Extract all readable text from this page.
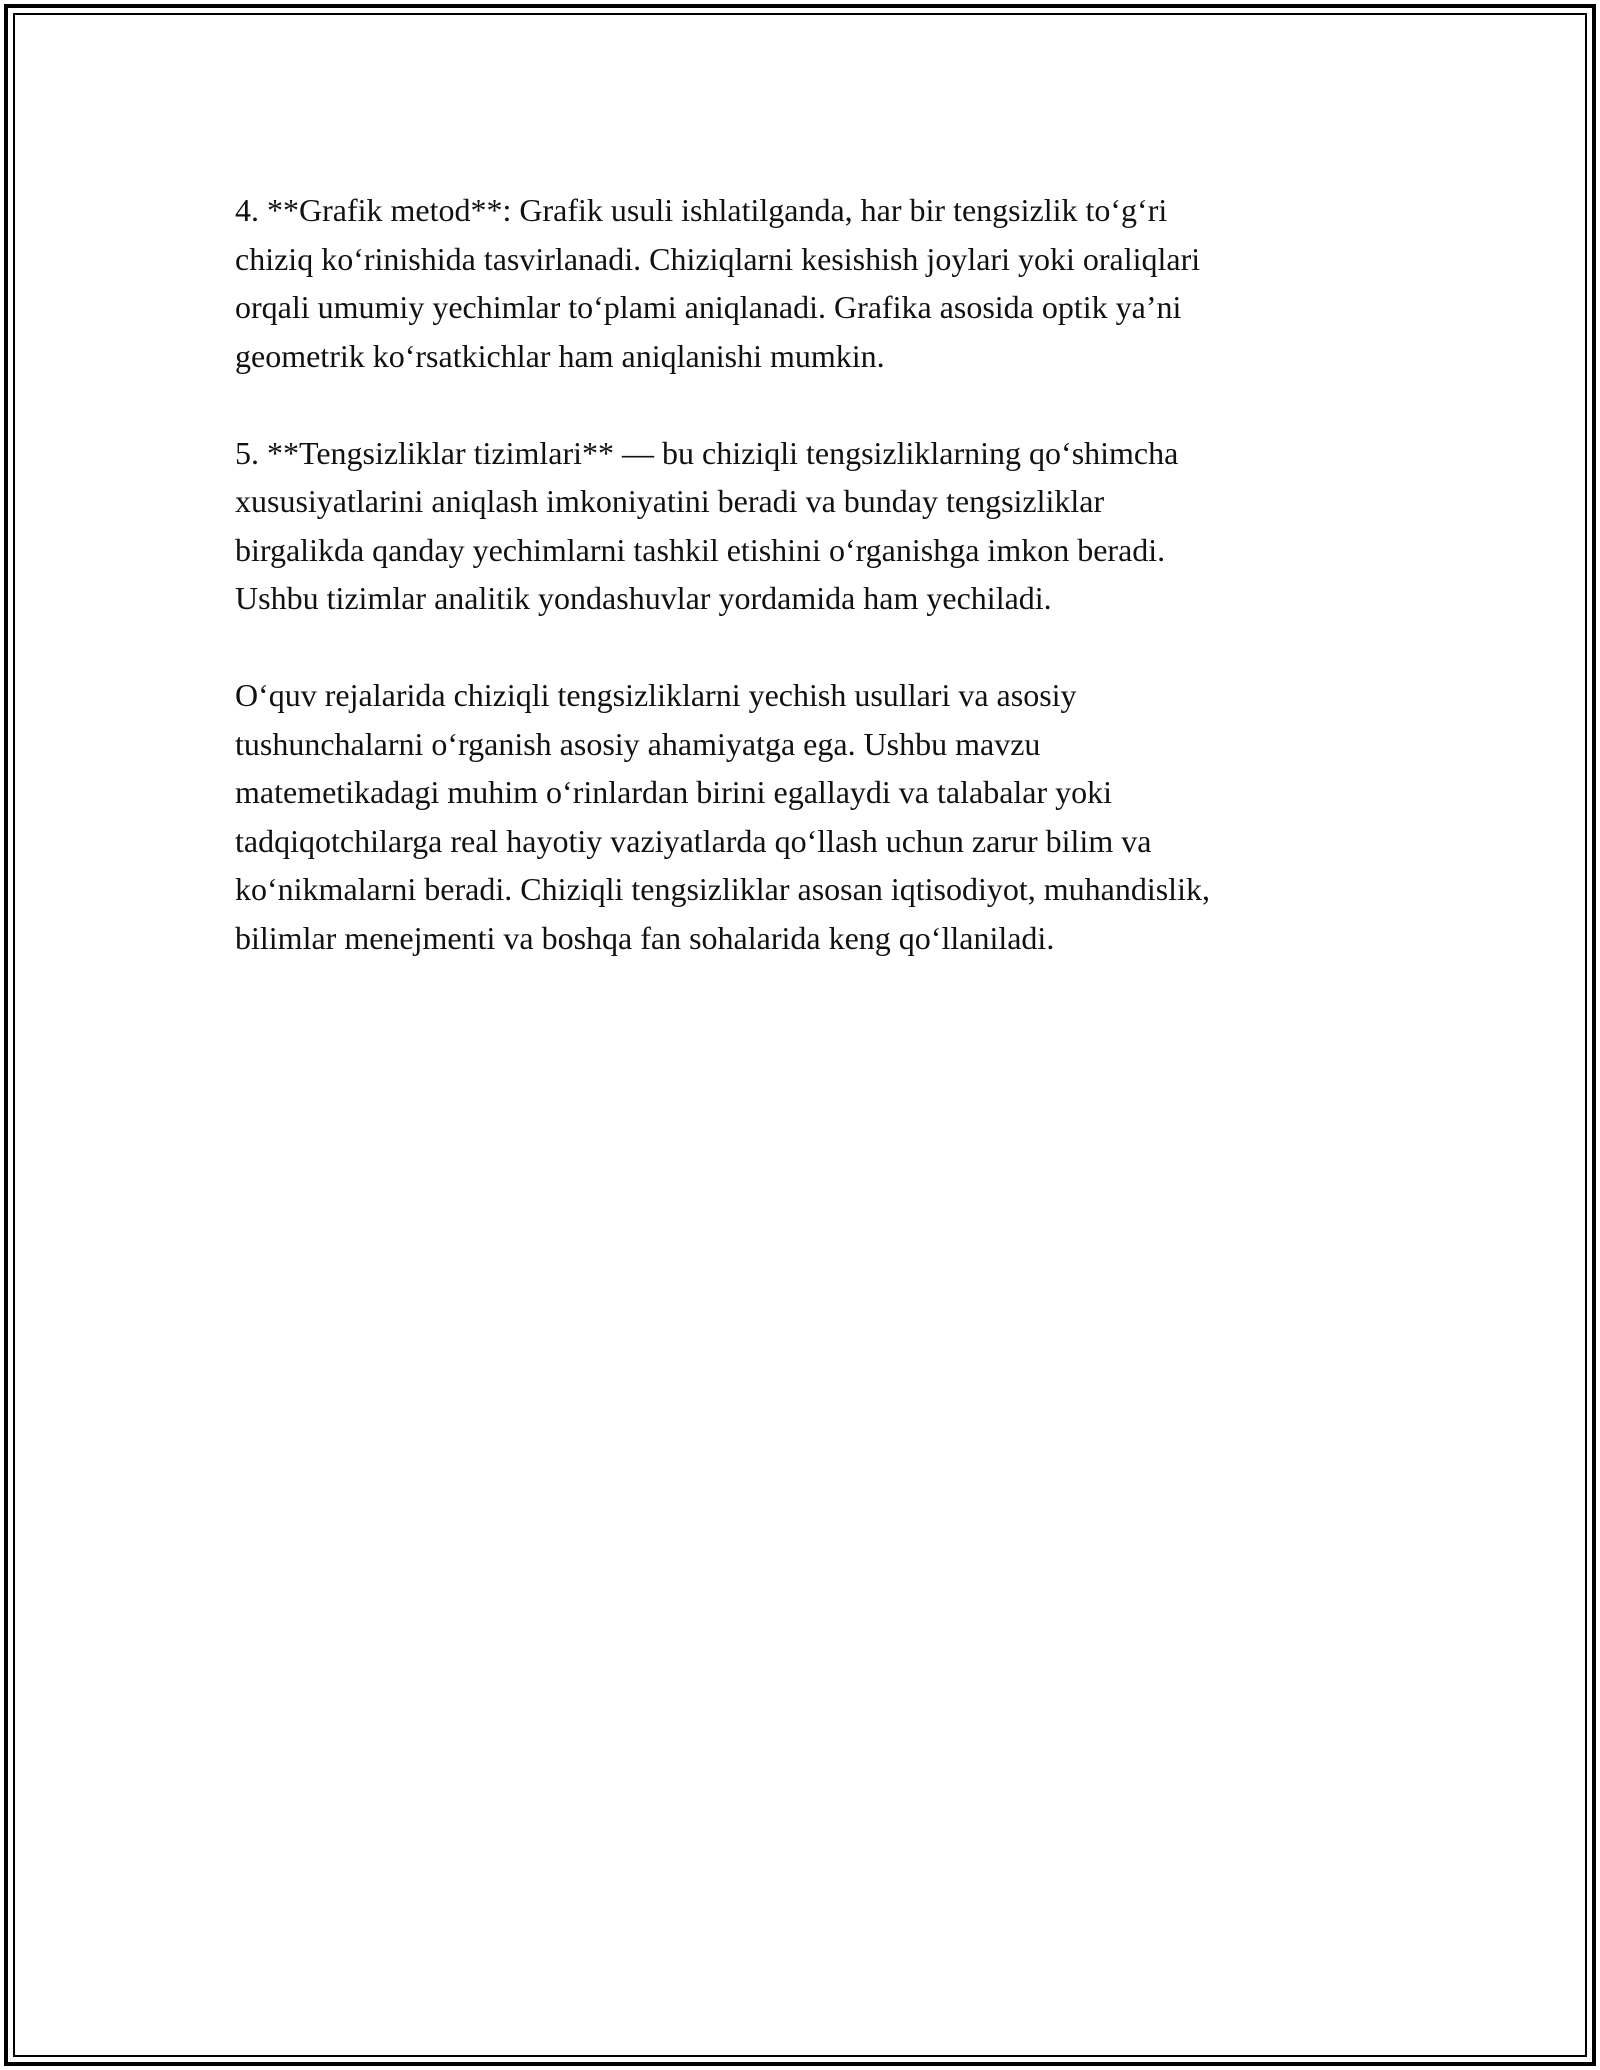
4. **Grafik metod**: Grafik usuli ishlatilganda, har bir tengsizlik to‘g‘ri
chiziq ko‘rinishida tasvirlanadi. Chiziqlarni kesishish joylari yoki oraliqlari
orqali umumiy yechimlar to‘plami aniqlanadi. Grafika asosida optik ya’ni
geometrik ko‘rsatkichlar ham aniqlanishi mumkin.

5. **Tengsizliklar tizimlari** — bu chiziqli tengsizliklarning qo‘shimcha
xususiyatlarini aniqlash imkoniyatini beradi va bunday tengsizliklar
birgalikda qanday yechimlarni tashkil etishini o‘rganishga imkon beradi.
Ushbu tizimlar analitik yondashuvlar yordamida ham yechiladi.

O‘quv rejalarida chiziqli tengsizliklarni yechish usullari va asosiy
tushunchalarni o‘rganish asosiy ahamiyatga ega. Ushbu mavzu
matemetikadagi muhim o‘rinlardan birini egallaydi va talabalar yoki
tadqiqotchilarga real hayotiy vaziyatlarda qo‘llash uchun zarur bilim va
ko‘nikmalarni beradi. Chiziqli tengsizliklar asosan iqtisodiyot, muhandislik,
bilimlar menejmenti va boshqa fan sohalarida keng qo‘llaniladi.
